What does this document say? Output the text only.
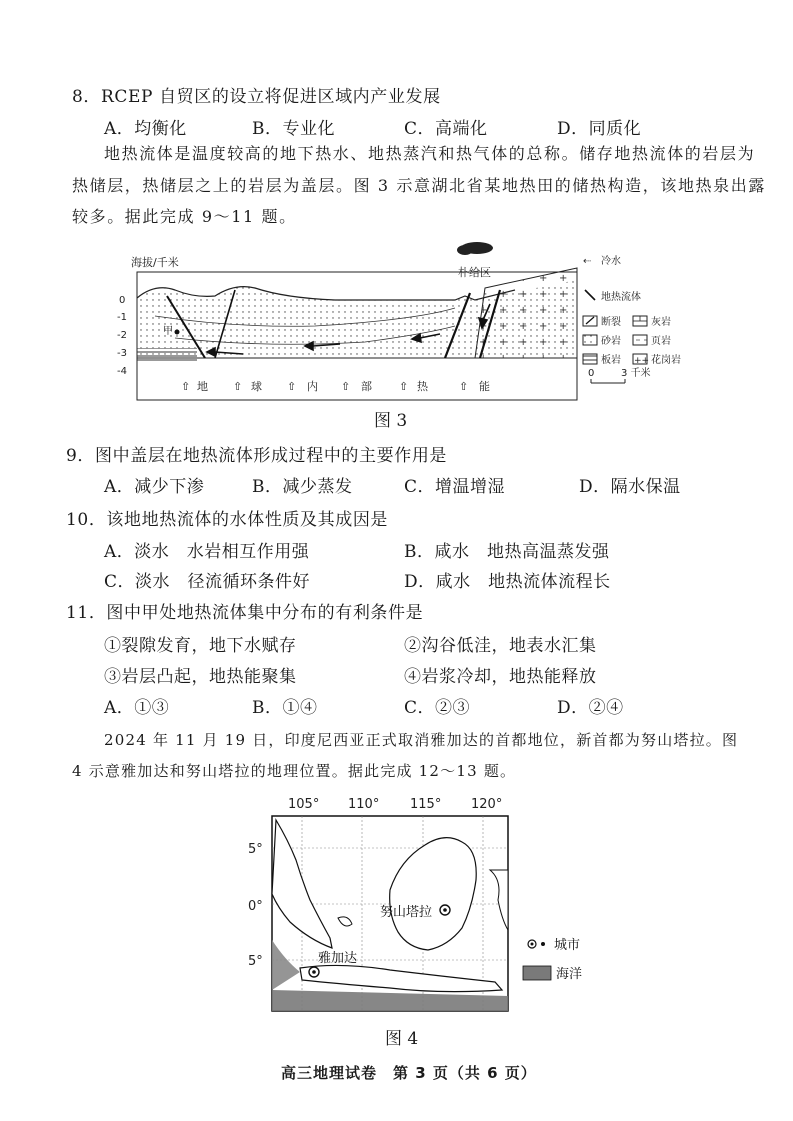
8．RCEP 自贸区的设立将促进区域内产业发展
A．均衡化	B．专业化	C．高端化	D．同质化
地热流体是温度较高的地下热水、地热蒸汽和热气体的总称。储存地热流体的岩层为
热储层，热储层之上的岩层为盖层。图 3 示意湖北省某地热田的储热构造，该地热泉出露
较多。据此完成 9～11 题。
海拔/千米
0
-1
-2
-3
-4
朴给区
甲
⇧ 地 ⇧ 球 ⇧ 内 ⇧ 部 ⇧ 热	⇧ 能
⇠ 冷水
地热流体
断裂	灰岩
砂岩	页岩
板岩 ++ 花岗岩
0	3 千米
图 3
9．图中盖层在地热流体形成过程中的主要作用是
A．减少下渗	B．减少蒸发	C．增温增湿	D．隔水保温
10．该地地热流体的水体性质及其成因是
A．淡水　水岩相互作用强	B．咸水　地热高温蒸发强
C．淡水　径流循环条件好	D．咸水　地热流体流程长
11．图中甲处地热流体集中分布的有利条件是
①裂隙发育，地下水赋存	②沟谷低洼，地表水汇集
③岩层凸起，地热能聚集	④岩浆冷却，地热能释放
A．①③	B．①④	C．②③	D．②④
2024 年 11 月 19 日，印度尼西亚正式取消雅加达的首都地位，新首都为努山塔拉。图
4 示意雅加达和努山塔拉的地理位置。据此完成 12～13 题。
105° 110° 115° 120°
5°
0°
5°
努山塔拉
雅加达
城市
海洋
图 4
高三地理试卷　第 3 页（共 6 页）
